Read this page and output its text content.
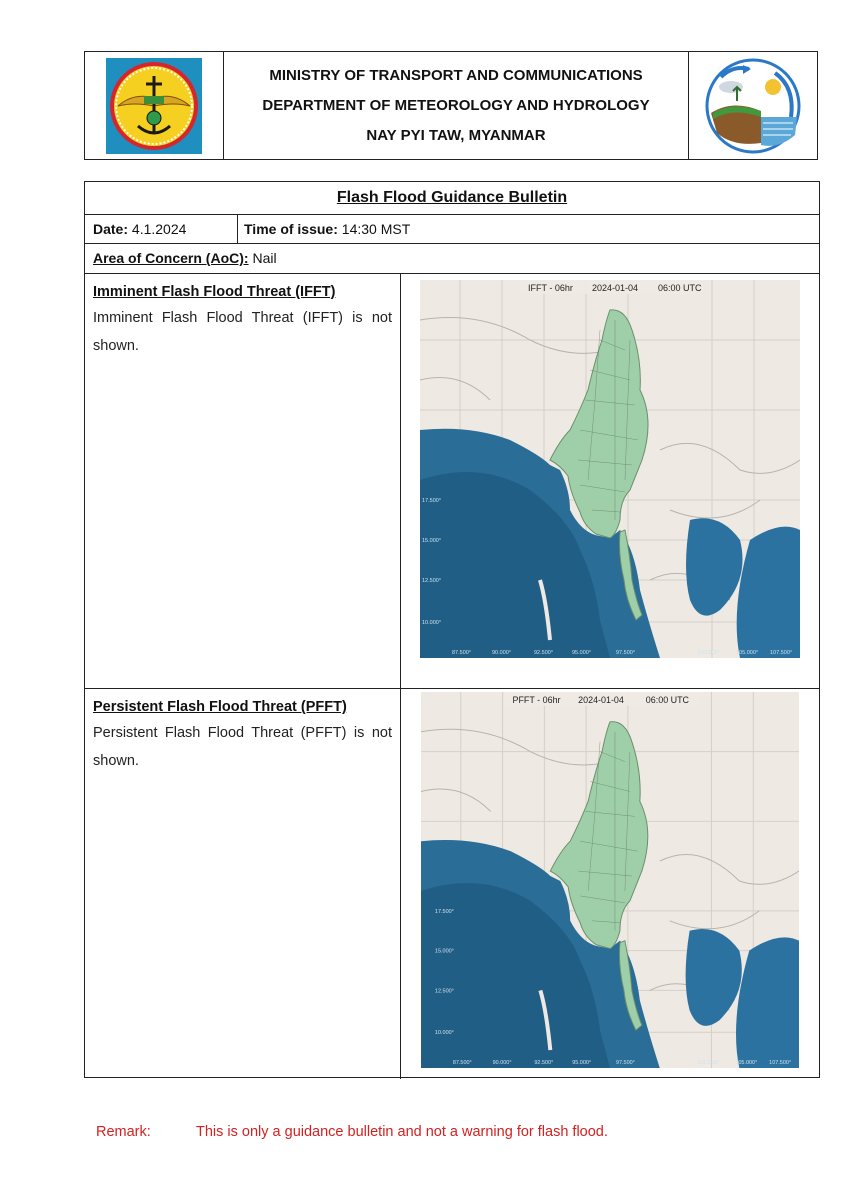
MINISTRY OF TRANSPORT AND COMMUNICATIONS
DEPARTMENT OF METEOROLOGY AND HYDROLOGY
NAY PYI TAW, MYANMAR
Flash Flood Guidance Bulletin
Date: 4.1.2024	Time of issue: 14:30 MST
Area of Concern (AoC): Nail
Imminent Flash Flood Threat (IFFT)
Imminent Flash Flood Threat (IFFT) is not shown.
IFFT - 06hr 2024-01-04 06:00 UTC
17.500°
15.000°
12.500°
10.000°
87.500°	90.000°	92.500°	95.000°	97.500°	102.500°	105.000° 107.500°
Persistent Flash Flood Threat (PFFT)
Persistent Flash Flood Threat (PFFT) is not shown.
PFFT - 06hr 2024-01-04 06:00 UTC
17.500°
15.000°
12.500°
10.000°
87.500°	90.000°	92.500°	95.000°	97.500°	102.500°	105.000° 107.500°
Remark:	This is only a guidance bulletin and not a warning for flash flood.
